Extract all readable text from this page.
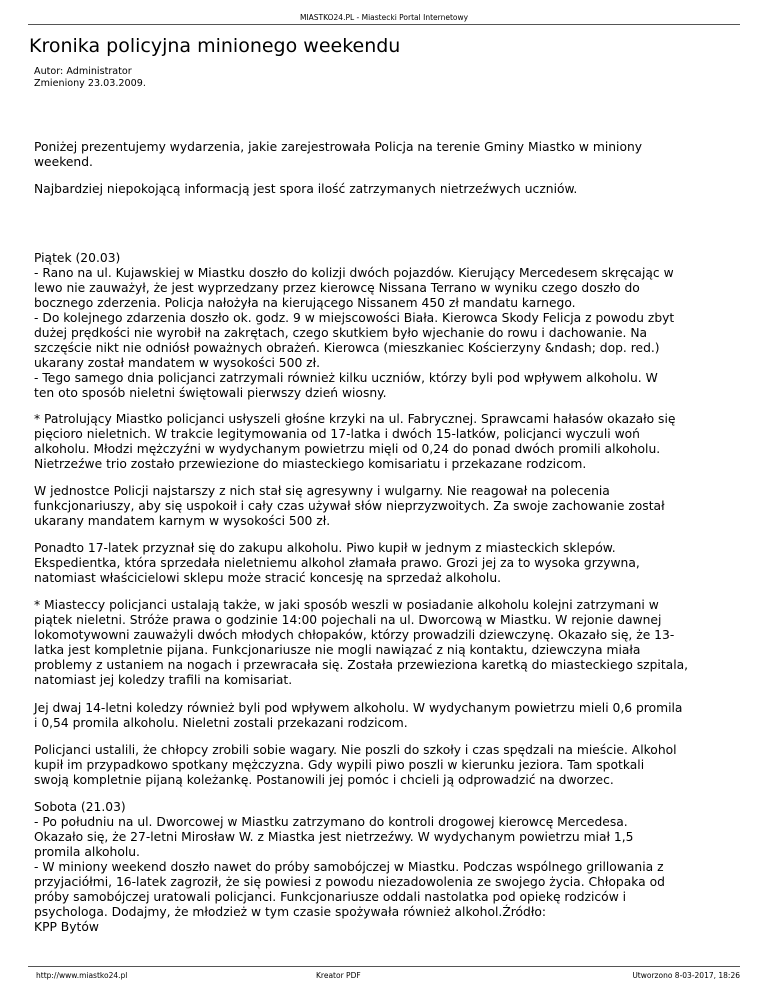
MIASTKO24.PL - Miastecki Portal Internetowy
Kronika policyjna minionego weekendu
Autor: Administrator
Zmieniony 23.03.2009.

Poniżej prezentujemy wydarzenia, jakie zarejestrowała Policja na terenie Gminy Miastko w miniony
weekend.

Najbardziej niepokojącą informacją jest spora ilość zatrzymanych nietrzeźwych uczniów.

Piątek (20.03)
- Rano na ul. Kujawskiej w Miastku doszło do kolizji dwóch pojazdów. Kierujący Mercedesem skręcając w
lewo nie zauważył, że jest wyprzedzany przez kierowcę Nissana Terrano w wyniku czego doszło do
bocznego zderzenia. Policja nałożyła na kierującego Nissanem 450 zł mandatu karnego.
- Do kolejnego zdarzenia doszło ok. godz. 9 w miejscowości Biała. Kierowca Skody Felicja z powodu zbyt
dużej prędkości nie wyrobił na zakrętach, czego skutkiem było wjechanie do rowu i dachowanie. Na
szczęście nikt nie odniósł poważnych obrażeń. Kierowca (mieszkaniec Kościerzyny &ndash; dop. red.)
ukarany został mandatem w wysokości 500 zł.
- Tego samego dnia policjanci zatrzymali również kilku uczniów, którzy byli pod wpływem alkoholu. W
ten oto sposób nieletni świętowali pierwszy dzień wiosny.

* Patrolujący Miastko policjanci usłyszeli głośne krzyki na ul. Fabrycznej. Sprawcami hałasów okazało się
pięcioro nieletnich. W trakcie legitymowania od 17-latka i dwóch 15-latków, policjanci wyczuli woń
alkoholu. Młodzi mężczyźni w wydychanym powietrzu mięli od 0,24 do ponad dwóch promili alkoholu.
Nietrzeźwe trio zostało przewiezione do miasteckiego komisariatu i przekazane rodzicom.

W jednostce Policji najstarszy z nich stał się agresywny i wulgarny. Nie reagował na polecenia
funkcjonariuszy, aby się uspokoił i cały czas używał słów nieprzyzwoitych. Za swoje zachowanie został
ukarany mandatem karnym w wysokości 500 zł.

Ponadto 17-latek przyznał się do zakupu alkoholu. Piwo kupił w jednym z miasteckich sklepów.
Ekspedientka, która sprzedała nieletniemu alkohol złamała prawo. Grozi jej za to wysoka grzywna,
natomiast właścicielowi sklepu może stracić koncesję na sprzedaż alkoholu.

* Miasteccy policjanci ustalają także, w jaki sposób weszli w posiadanie alkoholu kolejni zatrzymani w
piątek nieletni. Stróże prawa o godzinie 14:00 pojechali na ul. Dworcową w Miastku. W rejonie dawnej
lokomotywowni zauważyli dwóch młodych chłopaków, którzy prowadzili dziewczynę. Okazało się, że 13-
latka jest kompletnie pijana. Funkcjonariusze nie mogli nawiązać z nią kontaktu, dziewczyna miała
problemy z ustaniem na nogach i przewracała się. Została przewieziona karetką do miasteckiego szpitala,
natomiast jej koledzy trafili na komisariat.

Jej dwaj 14-letni koledzy również byli pod wpływem alkoholu. W wydychanym powietrzu mieli 0,6 promila
i 0,54 promila alkoholu. Nieletni zostali przekazani rodzicom.

Policjanci ustalili, że chłopcy zrobili sobie wagary. Nie poszli do szkoły i czas spędzali na mieście. Alkohol
kupił im przypadkowo spotkany mężczyzna. Gdy wypili piwo poszli w kierunku jeziora. Tam spotkali
swoją kompletnie pijaną koleżankę. Postanowili jej pomóc i chcieli ją odprowadzić na dworzec.

Sobota (21.03)
- Po południu na ul. Dworcowej w Miastku zatrzymano do kontroli drogowej kierowcę Mercedesa.
Okazało się, że 27-letni Mirosław W. z Miastka jest nietrzeźwy. W wydychanym powietrzu miał 1,5
promila alkoholu.
- W miniony weekend doszło nawet do próby samobójczej w Miastku. Podczas wspólnego grillowania z
przyjaciółmi, 16-latek zagroził, że się powiesi z powodu niezadowolenia ze swojego życia. Chłopaka od
próby samobójczej uratowali policjanci. Funkcjonariusze oddali nastolatka pod opiekę rodziców i
psychologa. Dodajmy, że młodzież w tym czasie spożywała również alkohol.Źródło:
KPP Bytów

http://www.miastko24.pl	Kreator PDF	Utworzono 8-03-2017, 18:26
